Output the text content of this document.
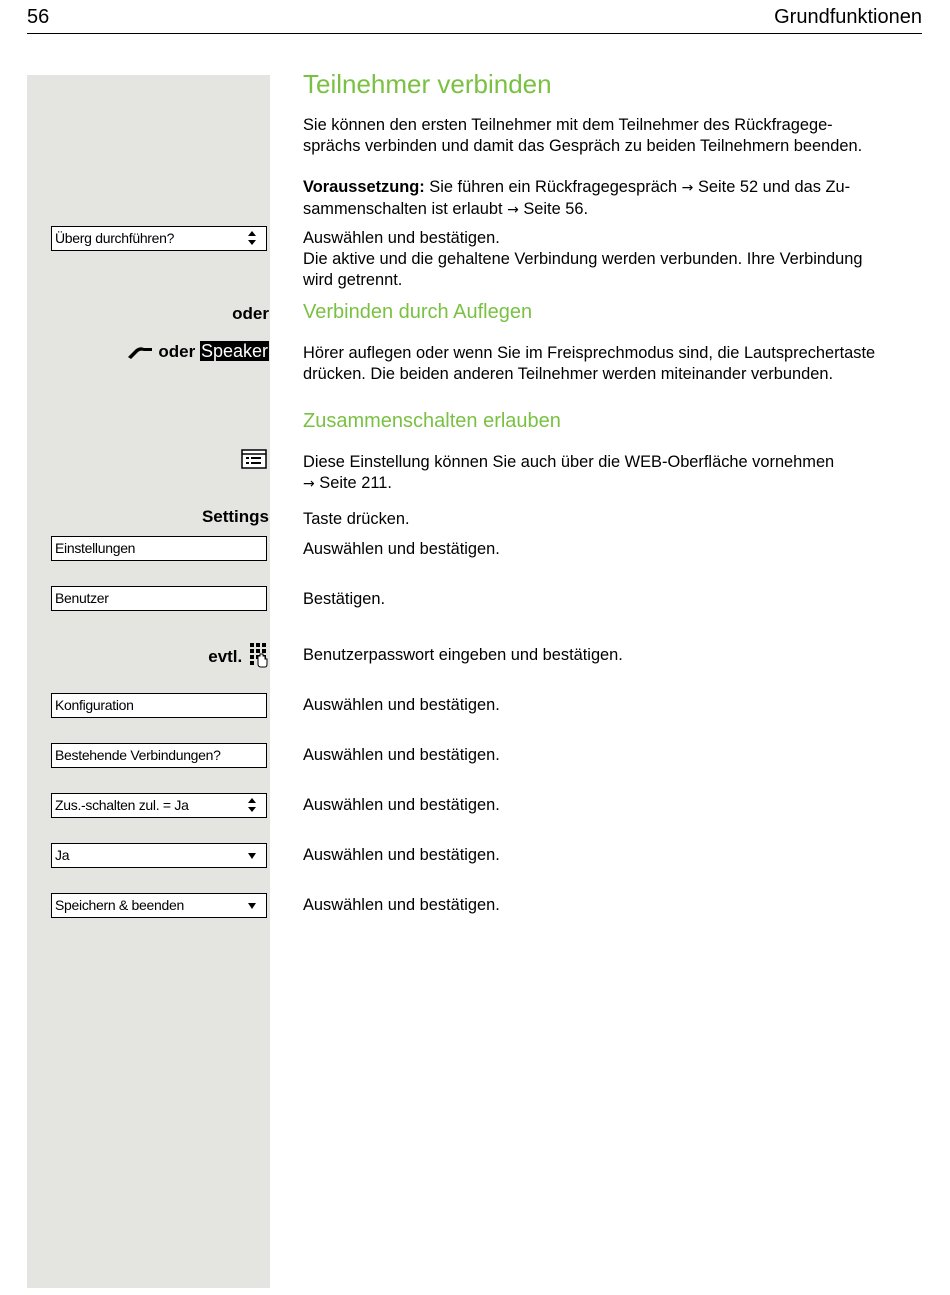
56	Grundfunktionen
Überg durchführen?
Einstellungen
Benutzer
Konfiguration
Bestehende Verbindungen?
Zus.-schalten zul. = Ja
Ja
Speichern & beenden
oder
oder Speaker
Settings
evtl.
Teilnehmer verbinden
Sie können den ersten Teilnehmer mit dem Teilnehmer des Rückfragege-
sprächs verbinden und damit das Gespräch zu beiden Teilnehmern beenden.
Voraussetzung: Sie führen ein Rückfragegespräch → Seite 52 und das Zu-
sammenschalten ist erlaubt → Seite 56.
Auswählen und bestätigen.
Die aktive und die gehaltene Verbindung werden verbunden. Ihre Verbindung
wird getrennt.
Verbinden durch Auflegen
Hörer auflegen oder wenn Sie im Freisprechmodus sind, die Lautsprechertaste
drücken. Die beiden anderen Teilnehmer werden miteinander verbunden.
Zusammenschalten erlauben
Diese Einstellung können Sie auch über die WEB-Oberfläche vornehmen
→ Seite 211.
Taste drücken.
Auswählen und bestätigen.
Bestätigen.
Benutzerpasswort eingeben und bestätigen.
Auswählen und bestätigen.
Auswählen und bestätigen.
Auswählen und bestätigen.
Auswählen und bestätigen.
Auswählen und bestätigen.
